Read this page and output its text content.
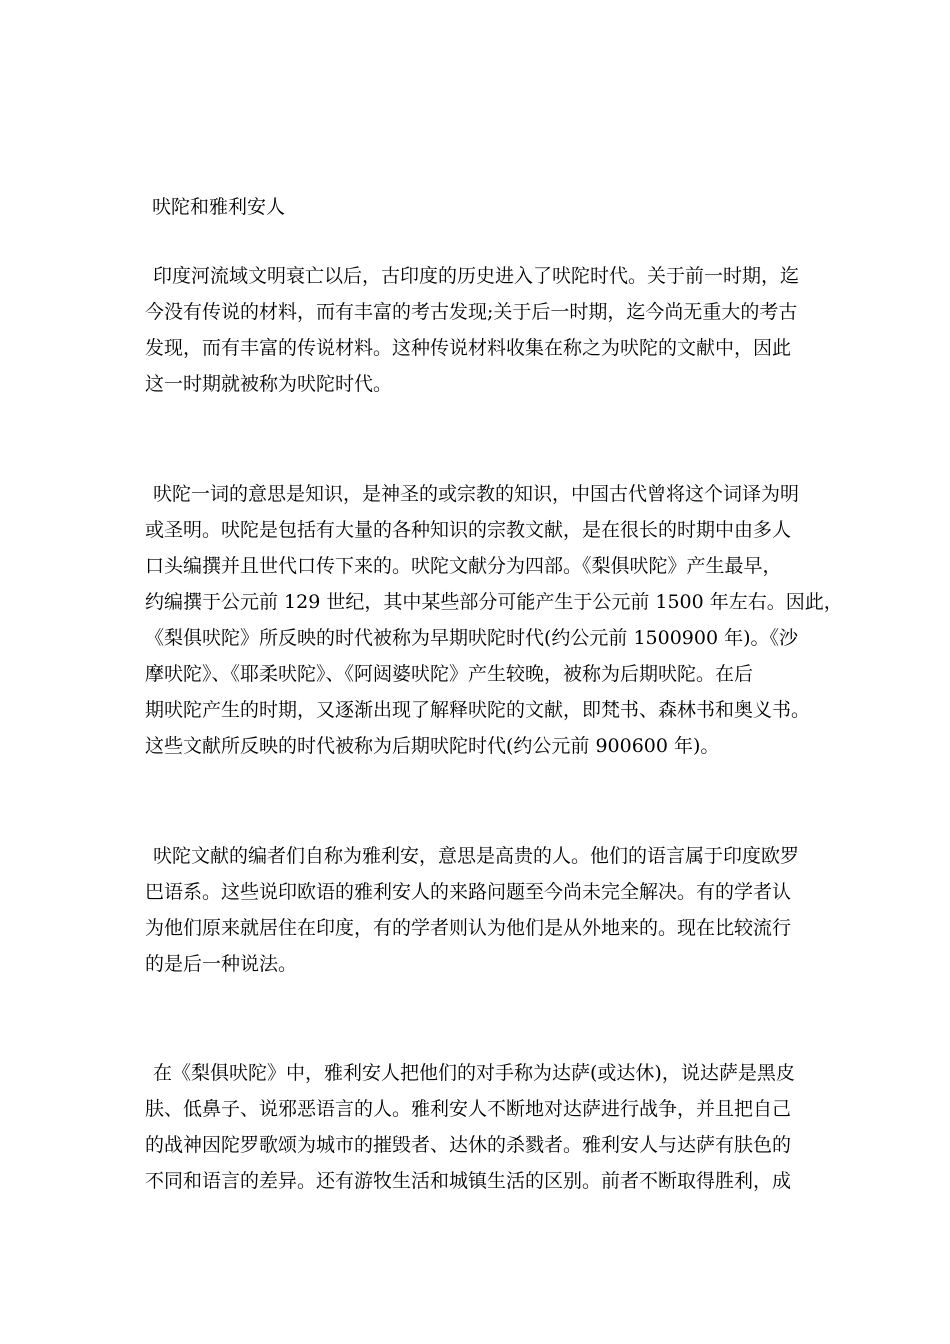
吠陀和雅利安人
印度河流域文明衰亡以后，古印度的历史进入了吠陀时代。关于前一时期，迄
今没有传说的材料，而有丰富的考古发现;关于后一时期，迄今尚无重大的考古
发现，而有丰富的传说材料。这种传说材料收集在称之为吠陀的文献中，因此
这一时期就被称为吠陀时代。
吠陀一词的意思是知识，是神圣的或宗教的知识，中国古代曾将这个词译为明
或圣明。吠陀是包括有大量的各种知识的宗教文献，是在很长的时期中由多人
口头编撰并且世代口传下来的。吠陀文献分为四部。《梨俱吠陀》产生最早，
约编撰于公元前 129 世纪，其中某些部分可能产生于公元前 1500 年左右。因此，
《梨俱吠陀》所反映的时代被称为早期吠陀时代(约公元前 1500900 年)。《沙
摩吠陀》、《耶柔吠陀》、《阿闼婆吠陀》产生较晚，被称为后期吠陀。在后
期吠陀产生的时期，又逐渐出现了解释吠陀的文献，即梵书、森林书和奥义书。
这些文献所反映的时代被称为后期吠陀时代(约公元前 900600 年)。
吠陀文献的编者们自称为雅利安，意思是高贵的人。他们的语言属于印度欧罗
巴语系。这些说印欧语的雅利安人的来路问题至今尚未完全解决。有的学者认
为他们原来就居住在印度，有的学者则认为他们是从外地来的。现在比较流行
的是后一种说法。
在《梨俱吠陀》中，雅利安人把他们的对手称为达萨(或达休)，说达萨是黑皮
肤、低鼻子、说邪恶语言的人。雅利安人不断地对达萨进行战争，并且把自己
的战神因陀罗歌颂为城市的摧毁者、达休的杀戮者。雅利安人与达萨有肤色的
不同和语言的差异。还有游牧生活和城镇生活的区别。前者不断取得胜利，成
